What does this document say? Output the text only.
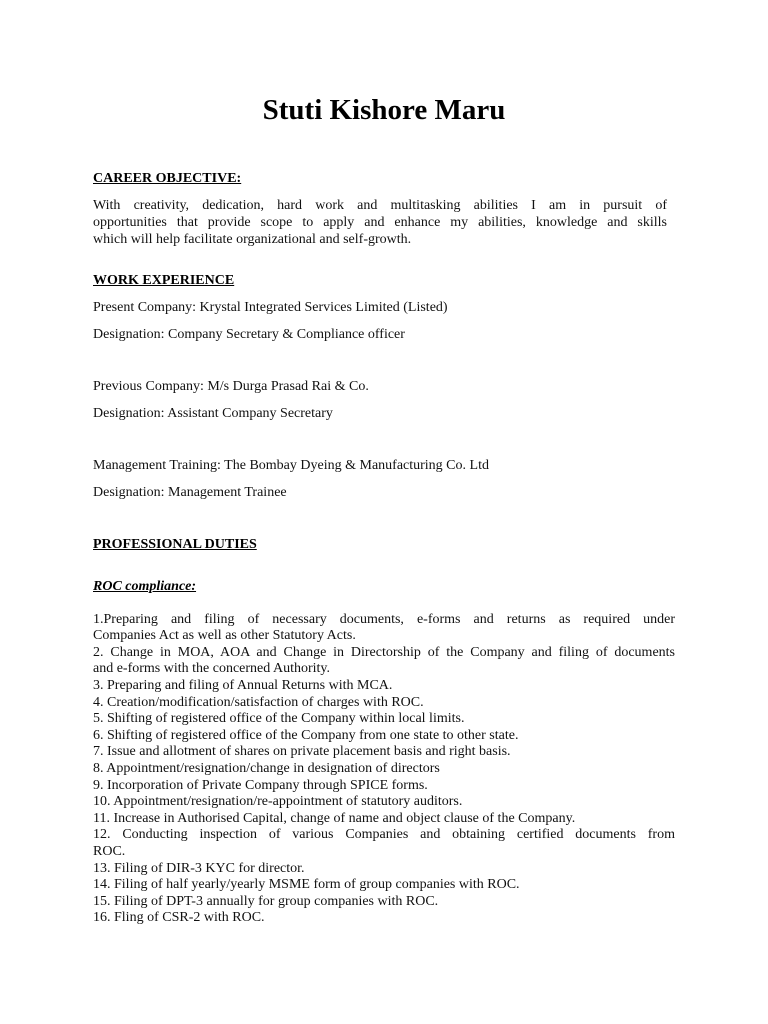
Stuti Kishore Maru
CAREER OBJECTIVE:
With creativity, dedication, hard work and multitasking abilities I am in pursuit of
opportunities that provide scope to apply and enhance my abilities, knowledge and skills
which will help facilitate organizational and self-growth.
WORK EXPERIENCE
Present Company: Krystal Integrated Services Limited (Listed)
Designation: Company Secretary & Compliance officer
Previous Company: M/s Durga Prasad Rai & Co.
Designation: Assistant Company Secretary
Management Training: The Bombay Dyeing & Manufacturing Co. Ltd
Designation: Management Trainee
PROFESSIONAL DUTIES
ROC compliance:
1.Preparing and filing of necessary documents, e-forms and returns as required under
Companies Act as well as other Statutory Acts.
2. Change in MOA, AOA and Change in Directorship of the Company and filing of documents
and e-forms with the concerned Authority.
3. Preparing and filing of Annual Returns with MCA.
4. Creation/modification/satisfaction of charges with ROC.
5. Shifting of registered office of the Company within local limits.
6. Shifting of registered office of the Company from one state to other state.
7. Issue and allotment of shares on private placement basis and right basis.
8. Appointment/resignation/change in designation of directors
9. Incorporation of Private Company through SPICE forms.
10. Appointment/resignation/re-appointment of statutory auditors.
11. Increase in Authorised Capital, change of name and object clause of the Company.
12. Conducting inspection of various Companies and obtaining certified documents from
ROC.
13. Filing of DIR-3 KYC for director.
14. Filing of half yearly/yearly MSME form of group companies with ROC.
15. Filing of DPT-3 annually for group companies with ROC.
16. Fling of CSR-2 with ROC.
